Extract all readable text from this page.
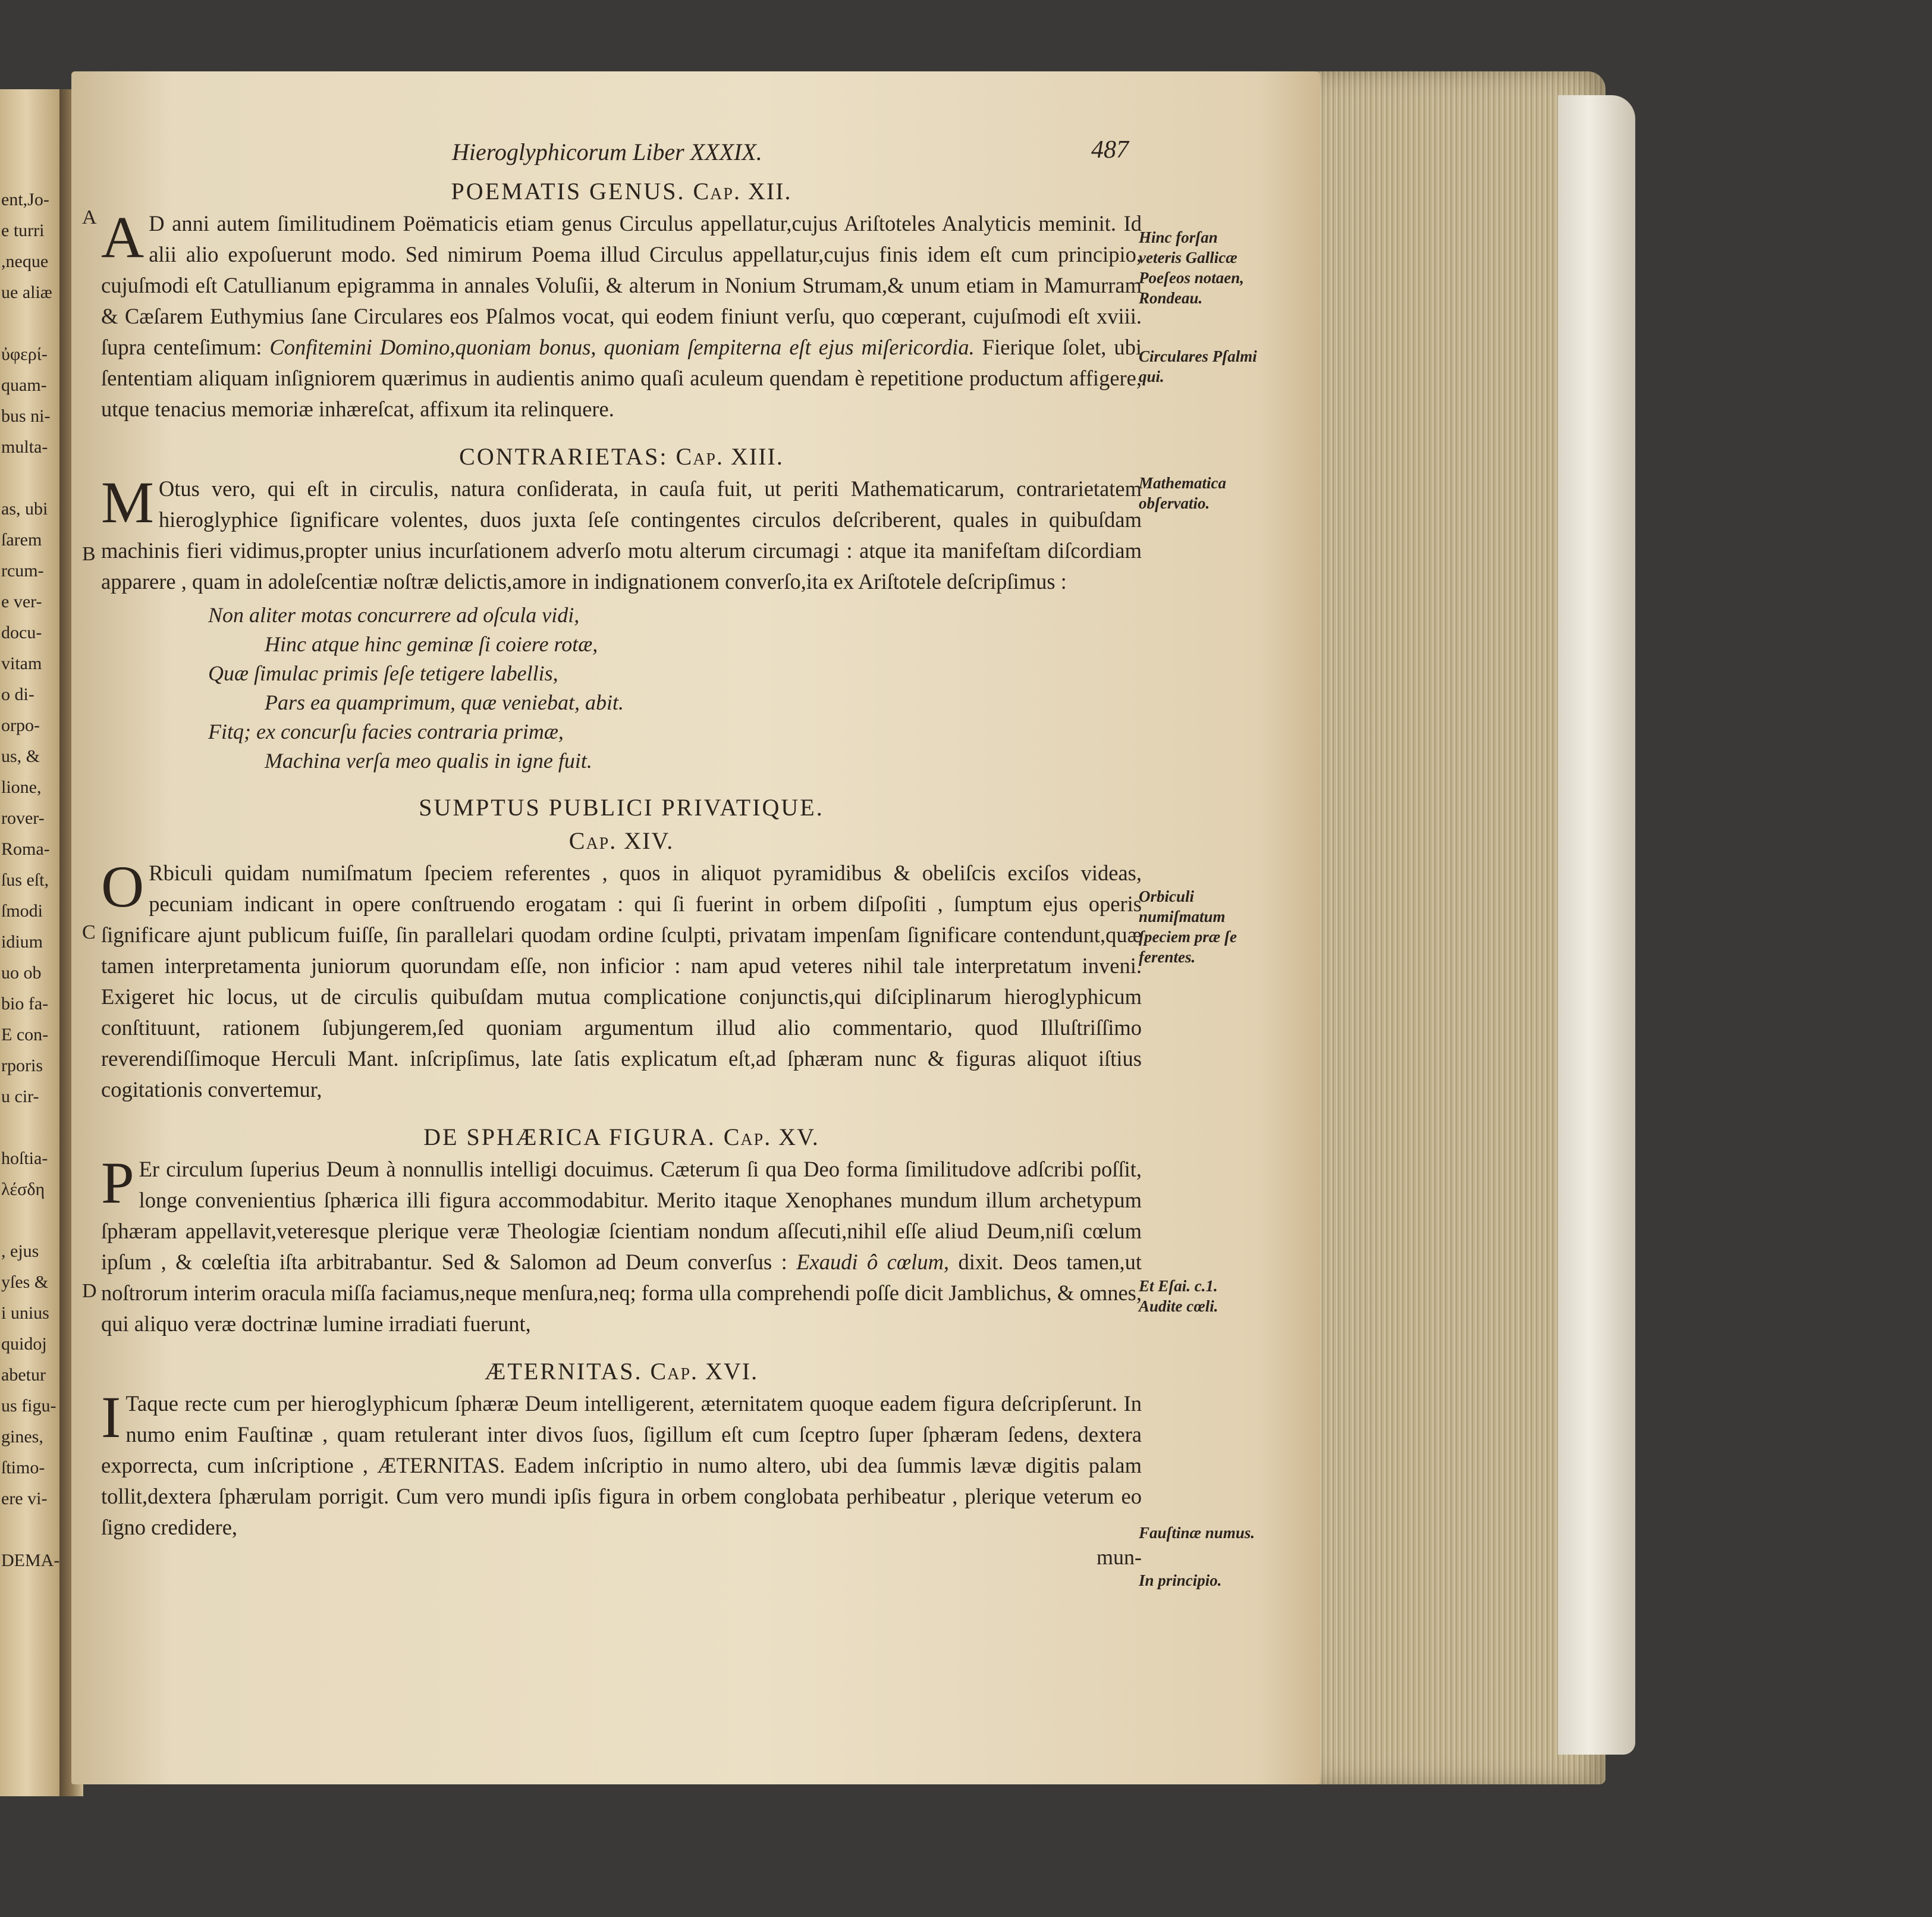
ent,Jo-
e turri
,neque
ue aliæ

ὐφερί-
quam-
bus ni-
multa-

as, ubi
ſarem
rcum-
e ver-
docu-
vitam
o di-
orpo-
us, &
lione,
rover-
Roma-
ſus eſt,
ſmodi
idium
uo ob
bio fa-
E con-
rporis
u cir-

hoſtia-
λέσδη

, ejus
yſes &
i unius
quidoj
abetur
us figu-
gines,
ſtimo-
ere vi-

DEMA-
Hieroglyphicorum Liber XXXIX.	487
POEMATIS GENUS. Cap. XII.

A A D anni autem ſimilitudinem Poëmaticis etiam genus Circulus appellatur,cujus Ariſtoteles Analyticis meminit. Id alii alio expoſuerunt modo. Sed nimirum Poema illud Circulus appellatur,cujus finis idem eſt cum principio, cujuſmodi eſt Catullianum epigramma in annales Voluſii, & alterum in Nonium Strumam,& unum etiam in Mamurram & Cæſarem Euthymius ſane Circulares eos Pſalmos vocat, qui eodem finiunt verſu, quo cœperant, cujuſmodi eſt xviii. ſupra centeſimum: Confitemini Domino,quoniam bonus, quoniam ſempiterna eſt ejus miſericordia. Fierique ſolet, ubi ſententiam aliquam inſigniorem quærimus in audientis animo quaſi aculeum quendam è repetitione productum affigere, utque tenacius memoriæ inhæreſcat, affixum ita relinquere.

CONTRARIETAS: Cap. XIII.

B
M Otus vero, qui eſt in circulis, natura conſiderata, in cauſa fuit, ut periti Mathematicarum, contrarietatem hieroglyphice ſignificare volentes, duos juxta ſeſe contingentes circulos deſcriberent, quales in quibuſdam machinis fieri vidimus,propter unius incurſationem adverſo motu alterum circumagi : atque ita manifeſtam diſcordiam apparere , quam in adoleſcentiæ noſtræ delictis,amore in indignationem converſo,ita ex Ariſtotele deſcripſimus :

Non aliter motas concurrere ad oſcula vidi,
Hinc atque hinc geminæ ſi coiere rotæ,
Quæ ſimulac primis ſeſe tetigere labellis,
Pars ea quamprimum, quæ veniebat, abit.
Fitq; ex concurſu facies contraria primæ,
Machina verſa meo qualis in igne fuit.
SUMPTUS PUBLICI PRIVATIQUE.
Cap. XIV.

C
O Rbiculi quidam numiſmatum ſpeciem referentes , quos in aliquot pyramidibus & obeliſcis exciſos videas, pecuniam indicant in opere conſtruendo erogatam : qui ſi fuerint in orbem diſpoſiti , ſumptum ejus operis ſignificare ajunt publicum fuiſſe, ſin parallelari quodam ordine ſculpti, privatam impenſam ſignificare contendunt,quæ tamen interpretamenta juniorum quorundam eſſe, non inficior : nam apud veteres nihil tale interpretatum inveni. Exigeret hic locus, ut de circulis quibuſdam mutua complicatione conjunctis,qui diſciplinarum hieroglyphicum conſtituunt, rationem ſubjungerem,ſed quoniam argumentum illud alio commentario, quod Illuſtriſſimo reverendiſſimoque Herculi Mant. inſcripſimus, late ſatis explicatum eſt,ad ſphæram nunc & figuras aliquot iſtius cogitationis convertemur,

DE SPHÆRICA FIGURA. Cap. XV.

D
P Er circulum ſuperius Deum à nonnullis intelligi docuimus. Cæterum ſi qua Deo forma ſimilitudove adſcribi poſſit, longe convenientius ſphærica illi figura accommodabitur. Merito itaque Xenophanes mundum illum archetypum ſphæram appellavit,veteresque plerique veræ Theologiæ ſcientiam nondum aſſecuti,nihil eſſe aliud Deum,niſi cœlum ipſum , & cœleſtia iſta arbitrabantur. Sed & Salomon ad Deum converſus : Exaudi ô cœlum, dixit. Deos tamen,ut noſtrorum interim oracula miſſa faciamus,neque menſura,neq; forma ulla comprehendi poſſe dicit Jamblichus, & omnes, qui aliquo veræ doctrinæ lumine irradiati fuerunt,

ÆTERNITAS. Cap. XVI.

I Taque recte cum per hieroglyphicum ſphæræ Deum intelligerent, æternitatem quoque eadem figura deſcripſerunt. In numo enim Fauſtinæ , quam retulerant inter divos ſuos, ſigillum eſt cum ſceptro ſuper ſphæram ſedens, dextera exporrecta, cum inſcriptione , ÆTERNITAS. Eadem inſcriptio in numo altero, ubi dea ſummis lævæ digitis palam tollit,dextera ſphærulam porrigit. Cum vero mundi ipſis figura in orbem conglobata perhibeatur , plerique veterum eo ſigno credidere,

mun-
Hinc forſan veteris Gallicæ Poeſeos notaen, Rondeau.
Circulares Pſalmi qui.
Mathematica obſervatio.
Orbiculi numiſmatum ſpeciem præ ſe ferentes.
Et Eſai. c.1. Audite cœli.
Fauſtinæ numus.
In principio.
